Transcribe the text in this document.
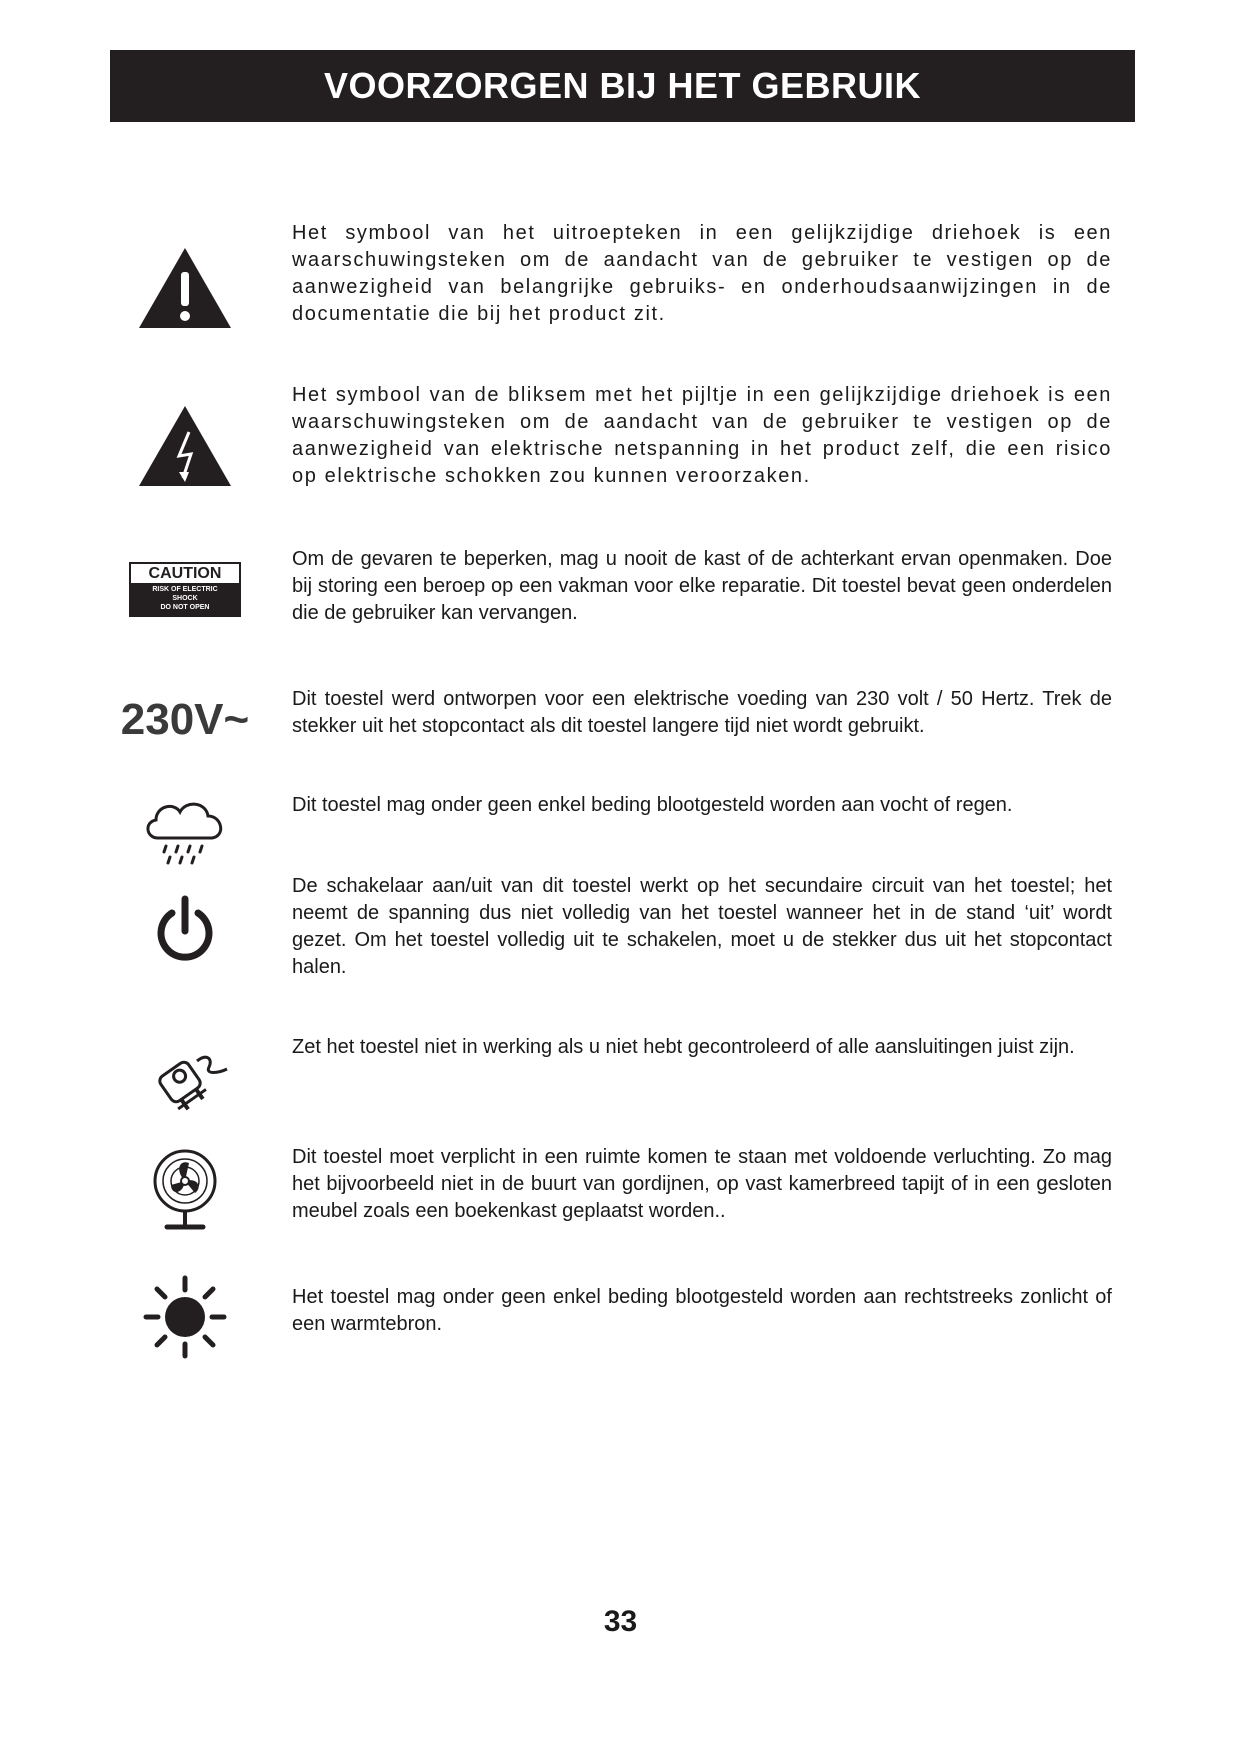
VOORZORGEN BIJ HET GEBRUIK

Het symbool van het uitroepteken in een gelijkzijdige driehoek is een waarschuwingsteken om de aandacht van de gebruiker te vestigen op de aanwezigheid van belangrijke gebruiks- en onderhoudsaanwijzingen in de documentatie die bij het product zit.

Het symbool van de bliksem met het pijltje in een gelijkzijdige driehoek is een waarschuwingsteken om de aandacht van de gebruiker te vestigen op de aanwezigheid van elektrische netspanning in het product zelf, die een risico op elektrische schokken zou kunnen veroorzaken.

CAUTION
RISK OF ELECTRIC
SHOCK
DO NOT OPEN

Om de gevaren te beperken, mag u nooit de kast of de achterkant ervan openmaken. Doe bij storing een beroep op een vakman voor elke reparatie. Dit toestel bevat geen onderdelen die de gebruiker kan vervangen.

230V~ Dit toestel werd ontworpen voor een elektrische voeding van 230 volt / 50 Hertz. Trek de stekker uit het stopcontact als dit toestel langere tijd niet wordt gebruikt.

Dit toestel mag onder geen enkel beding blootgesteld worden aan vocht of regen.

De schakelaar aan/uit van dit toestel werkt op het secundaire circuit van het toestel; het neemt de spanning dus niet volledig van het toestel wanneer het in de stand ‘uit’ wordt gezet. Om het toestel volledig uit te schakelen, moet u de stekker dus uit het stopcontact halen.

Zet het toestel niet in werking als u niet hebt gecontroleerd of alle aansluitingen juist zijn.

Dit toestel moet verplicht in een ruimte komen te staan met voldoende verluchting. Zo mag het bijvoorbeeld niet in de buurt van gordijnen, op vast kamerbreed tapijt of in een gesloten meubel zoals een boekenkast geplaatst worden..

Het toestel mag onder geen enkel beding blootgesteld worden aan rechtstreeks zonlicht of een warmtebron.

33
